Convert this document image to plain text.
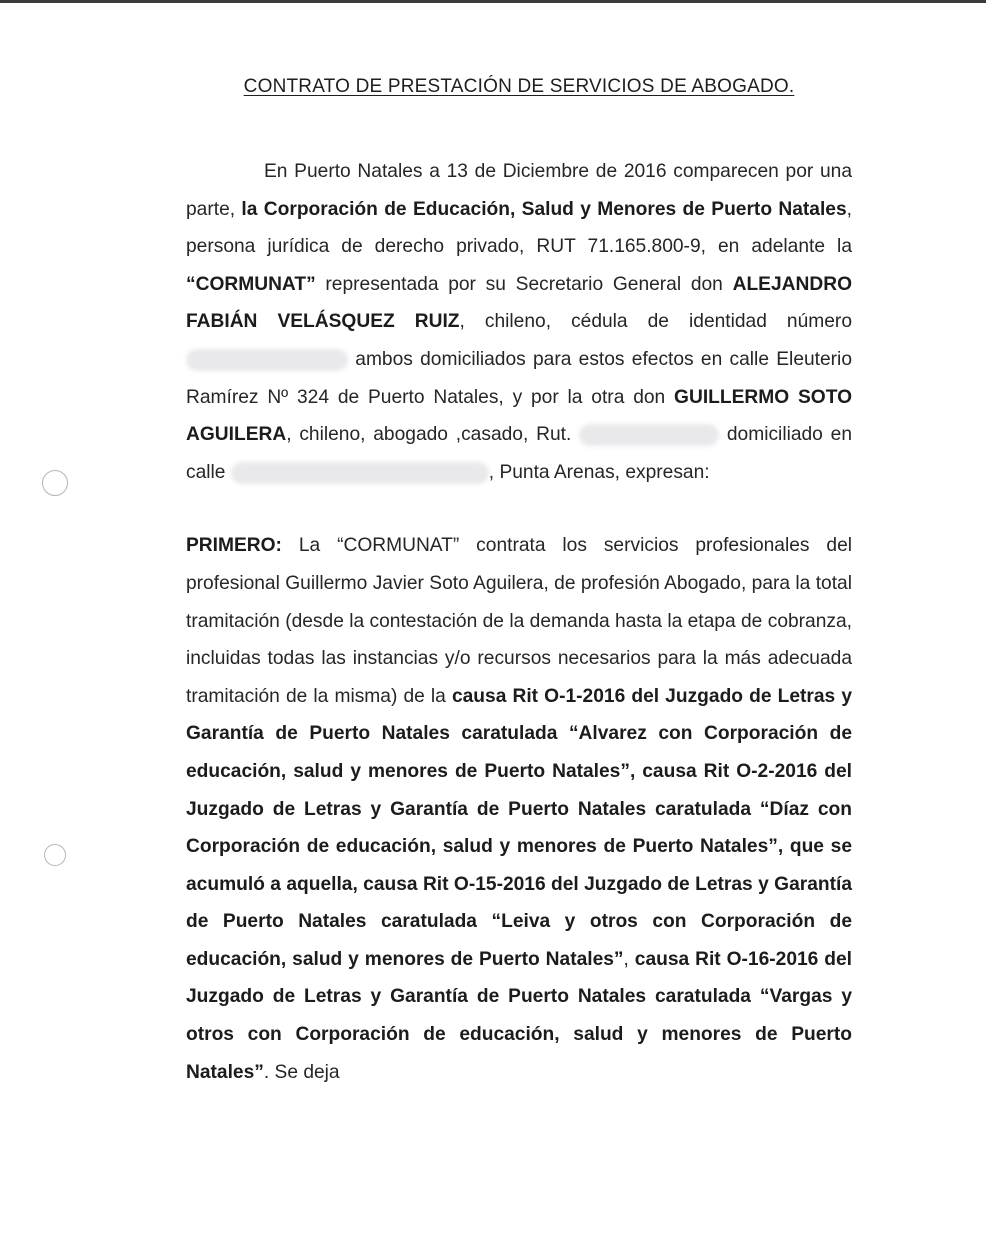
CONTRATO DE PRESTACIÓN DE SERVICIOS DE ABOGADO.

En Puerto Natales a 13 de Diciembre de 2016 comparecen por una parte, la Corporación de Educación, Salud y Menores de Puerto Natales, persona jurídica de derecho privado, RUT 71.165.800-9, en adelante la “CORMUNAT” representada por su Secretario General don ALEJANDRO FABIÁN VELÁSQUEZ RUIZ, chileno, cédula de identidad número  ambos domiciliados para estos efectos en calle Eleuterio Ramírez Nº 324 de Puerto Natales, y por la otra don GUILLERMO SOTO AGUILERA, chileno, abogado ,casado, Rut.	domiciliado en calle	, Punta Arenas, expresan:

PRIMERO: La “CORMUNAT” contrata los servicios profesionales del profesional Guillermo Javier Soto Aguilera, de profesión Abogado, para la total tramitación (desde la contestación de la demanda hasta la etapa de cobranza, incluidas todas las instancias y/o recursos necesarios para la más adecuada tramitación de la misma) de la causa Rit O-1-2016 del Juzgado de Letras y Garantía de Puerto Natales caratulada “Alvarez con Corporación de educación, salud y menores de Puerto Natales”, causa Rit O-2-2016 del Juzgado de Letras y Garantía de Puerto Natales caratulada “Díaz con Corporación de educación, salud y menores de Puerto Natales”, que se acumuló a aquella, causa Rit O-15-2016 del Juzgado de Letras y Garantía de Puerto Natales caratulada “Leiva y otros con Corporación de educación, salud y menores de Puerto Natales”, causa Rit O-16-2016 del Juzgado de Letras y Garantía de Puerto Natales caratulada “Vargas y otros con Corporación de educación, salud y menores de Puerto Natales”. Se deja
